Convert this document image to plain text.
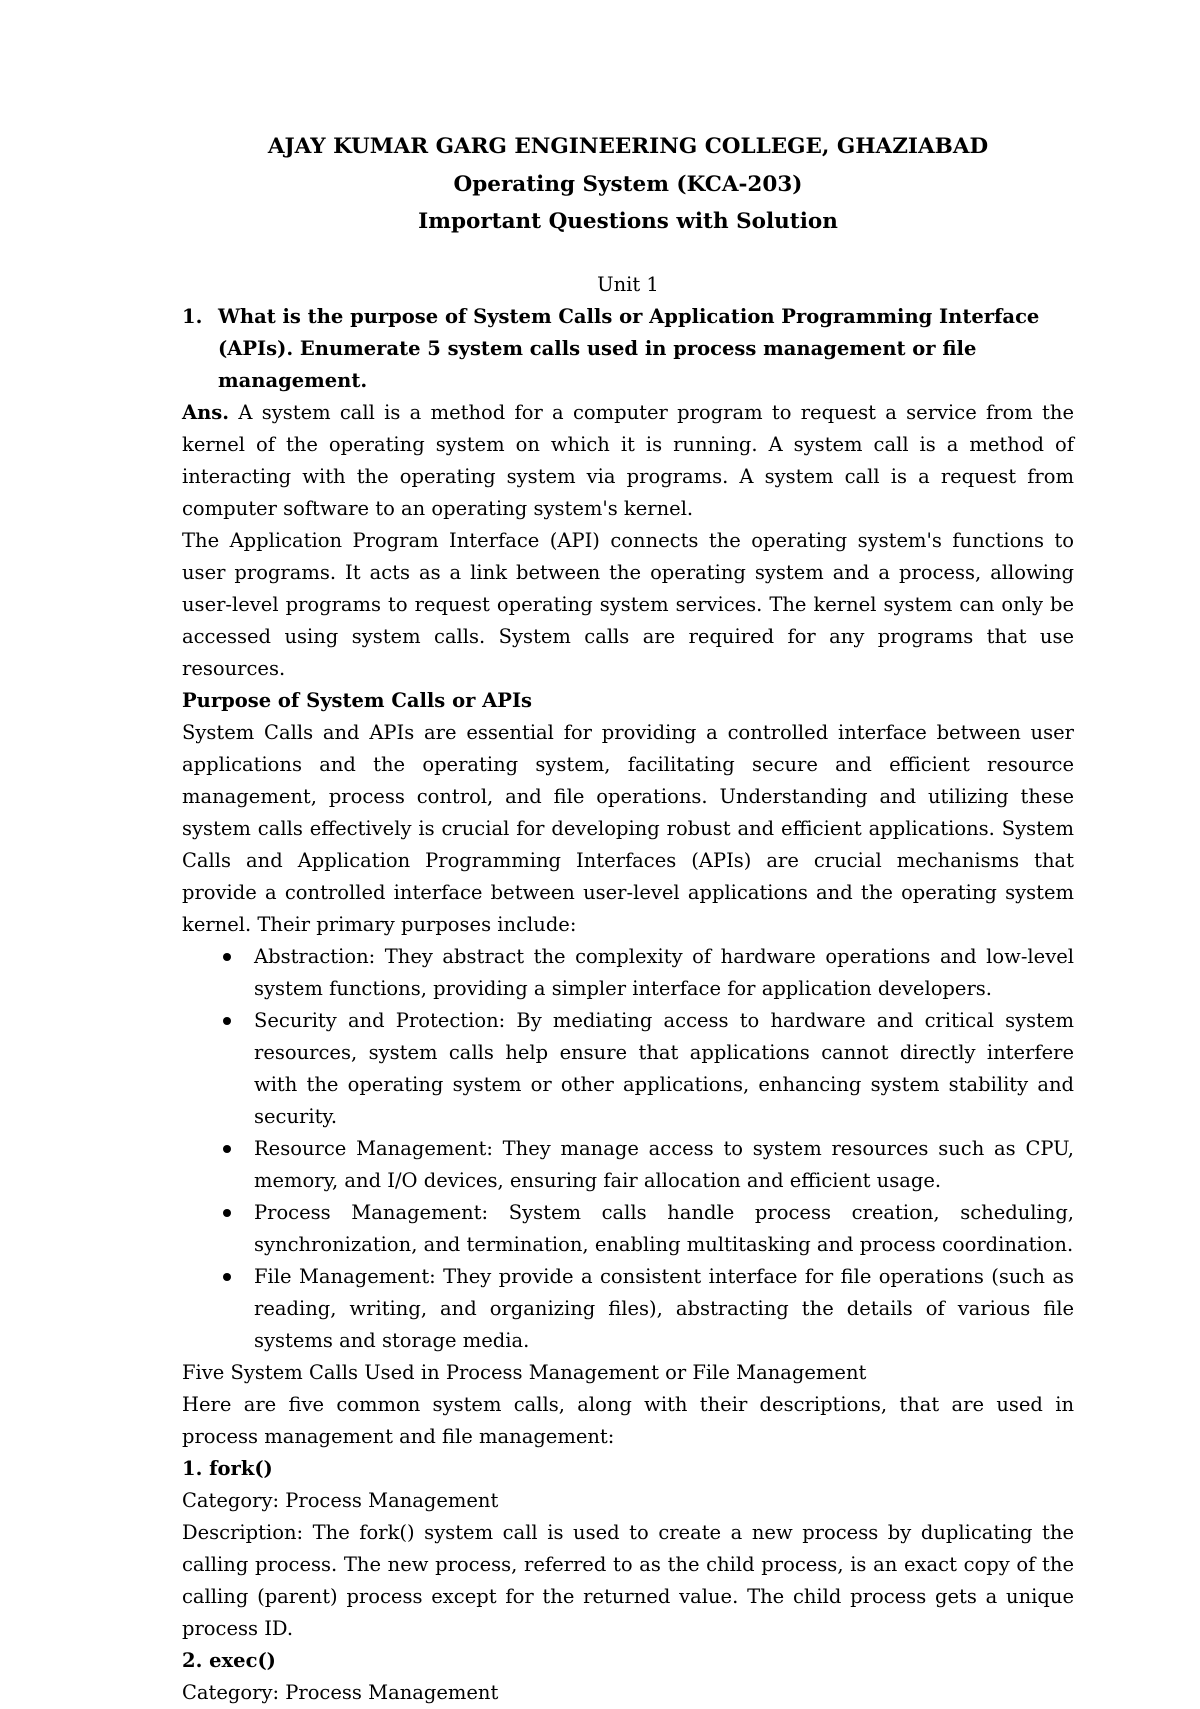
AJAY KUMAR GARG ENGINEERING COLLEGE, GHAZIABAD
Operating System (KCA-203)
Important Questions with Solution
Unit 1
1. What is the purpose of System Calls or Application Programming Interface (APIs). Enumerate 5 system calls used in process management or file management.

Ans. A system call is a method for a computer program to request a service from the kernel of the operating system on which it is running. A system call is a method of interacting with the operating system via programs. A system call is a request from computer software to an operating system's kernel.

The Application Program Interface (API) connects the operating system's functions to user programs. It acts as a link between the operating system and a process, allowing user-level programs to request operating system services. The kernel system can only be accessed using system calls. System calls are required for any programs that use resources.

Purpose of System Calls or APIs

System Calls and APIs are essential for providing a controlled interface between user applications and the operating system, facilitating secure and efficient resource management, process control, and file operations. Understanding and utilizing these system calls effectively is crucial for developing robust and efficient applications. System Calls and Application Programming Interfaces (APIs) are crucial mechanisms that provide a controlled interface between user-level applications and the operating system kernel. Their primary purposes include:

Abstraction: They abstract the complexity of hardware operations and low-level system functions, providing a simpler interface for application developers.
Security and Protection: By mediating access to hardware and critical system resources, system calls help ensure that applications cannot directly interfere with the operating system or other applications, enhancing system stability and security.
Resource Management: They manage access to system resources such as CPU, memory, and I/O devices, ensuring fair allocation and efficient usage.
Process Management: System calls handle process creation, scheduling, synchronization, and termination, enabling multitasking and process coordination.
File Management: They provide a consistent interface for file operations (such as reading, writing, and organizing files), abstracting the details of various file systems and storage media.

Five System Calls Used in Process Management or File Management

Here are five common system calls, along with their descriptions, that are used in process management and file management:

1. fork()

Category: Process Management

Description: The fork() system call is used to create a new process by duplicating the calling process. The new process, referred to as the child process, is an exact copy of the calling (parent) process except for the returned value. The child process gets a unique process ID.

2. exec()

Category: Process Management
